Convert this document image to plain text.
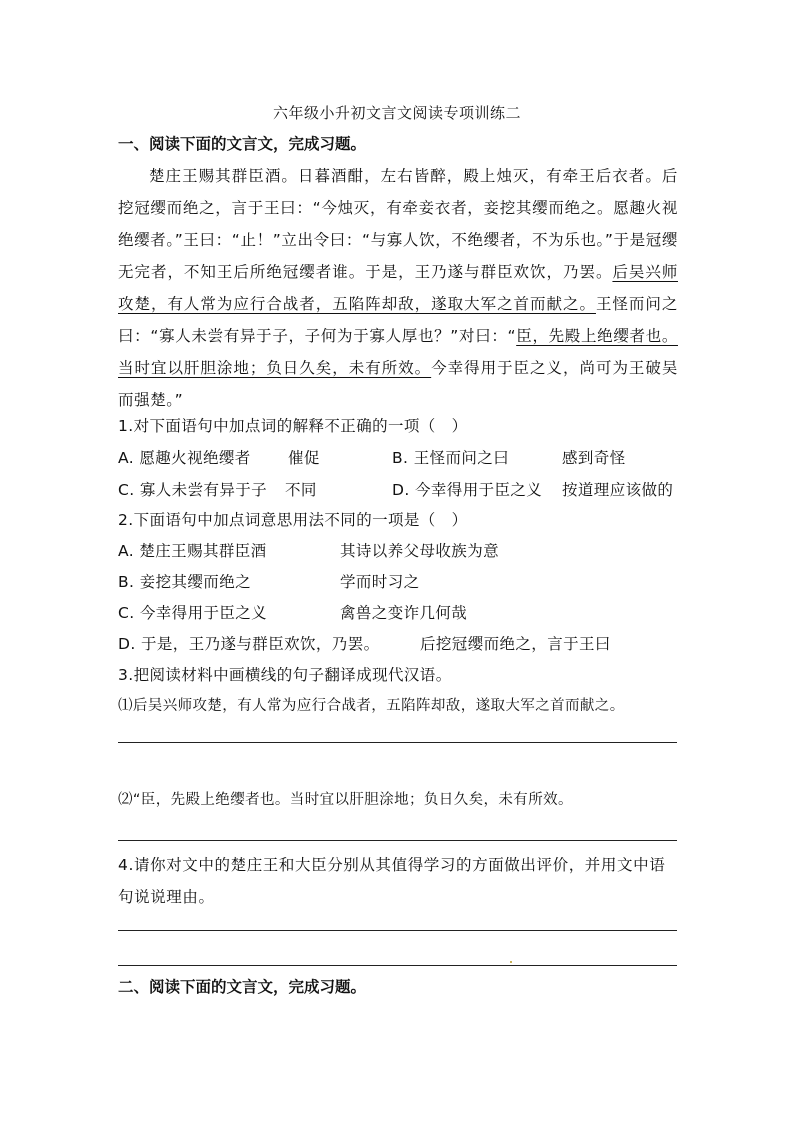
六年级小升初文言文阅读专项训练二
一、阅读下面的文言文，完成习题。
楚庄王赐其群臣酒。日暮酒酣，左右皆醉，殿上烛灭，有牵王后衣者。后挖冠缨而绝之，言于王曰：“今烛灭，有牵妾衣者，妾挖其缨而绝之。愿趣火视绝缨者。”王曰：“止！”立出令曰：“与寡人饮，不绝缨者，不为乐也。”于是冠缨无完者，不知王后所绝冠缨者谁。于是，王乃遂与群臣欢饮，乃罢。后吴兴师攻楚，有人常为应行合战者，五陷阵却敌，遂取大军之首而献之。王怪而问之曰：“寡人未尝有异于子，子何为于寡人厚也？”对曰：“臣，先殿上绝缨者也。当时宜以肝胆涂地；负日久矣，未有所效。今幸得用于臣之义，尚可为王破吴而强楚。”
1.对下面语句中加点词的解释不正确的一项（　）
A. 愿趣火视绝缨者 催促	B. 王怪而问之曰	感到奇怪
C. 寡人未尝有异于子 不同	D. 今幸得用于臣之义 按道理应该做的
2.下面语句中加点词意思用法不同的一项是（　）
A. 楚庄王赐其群臣酒	其诗以养父母收族为意
B. 妾挖其缨而绝之	学而时习之
C. 今幸得用于臣之义	禽兽之变诈几何哉
D. 于是，王乃遂与群臣欢饮，乃罢。	后挖冠缨而绝之，言于王曰
3.把阅读材料中画横线的句子翻译成现代汉语。
⑴后吴兴师攻楚，有人常为应行合战者，五陷阵却敌，遂取大军之首而献之。
⑵“臣，先殿上绝缨者也。当时宜以肝胆涂地；负日久矣，未有所效。
4.请你对文中的楚庄王和大臣分别从其值得学习的方面做出评价，并用文中语句说说理由。
二、阅读下面的文言文，完成习题。
